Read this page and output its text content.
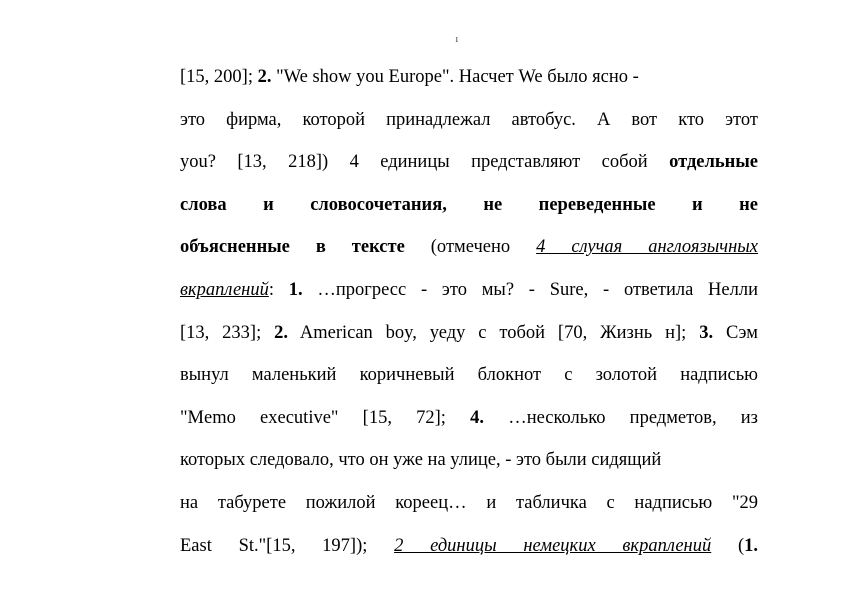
1
[15, 200]; 2. "We show you Europe". Насчет We было ясно -
это фирма, которой принадлежал автобус. А вот кто этот
you? [13, 218]) 4 единицы представляют собой отдельные
слова и словосочетания, не переведенные и не
объясненные в тексте (отмечено 4 случая англоязычных
вкраплений: 1. …прогресс - это мы? - Sure, - ответила Нелли
[13, 233]; 2. American boy, уеду с тобой [70, Жизнь н]; 3. Сэм
вынул маленький коричневый блокнот с золотой надписью
"Memo executive" [15, 72]; 4. …несколько предметов, из
которых следовало, что он уже на улице, - это были сидящий
на табурете пожилой кореец… и табличка с надписью "29
East St."[15, 197]); 2 единицы немецких вкраплений (1.
